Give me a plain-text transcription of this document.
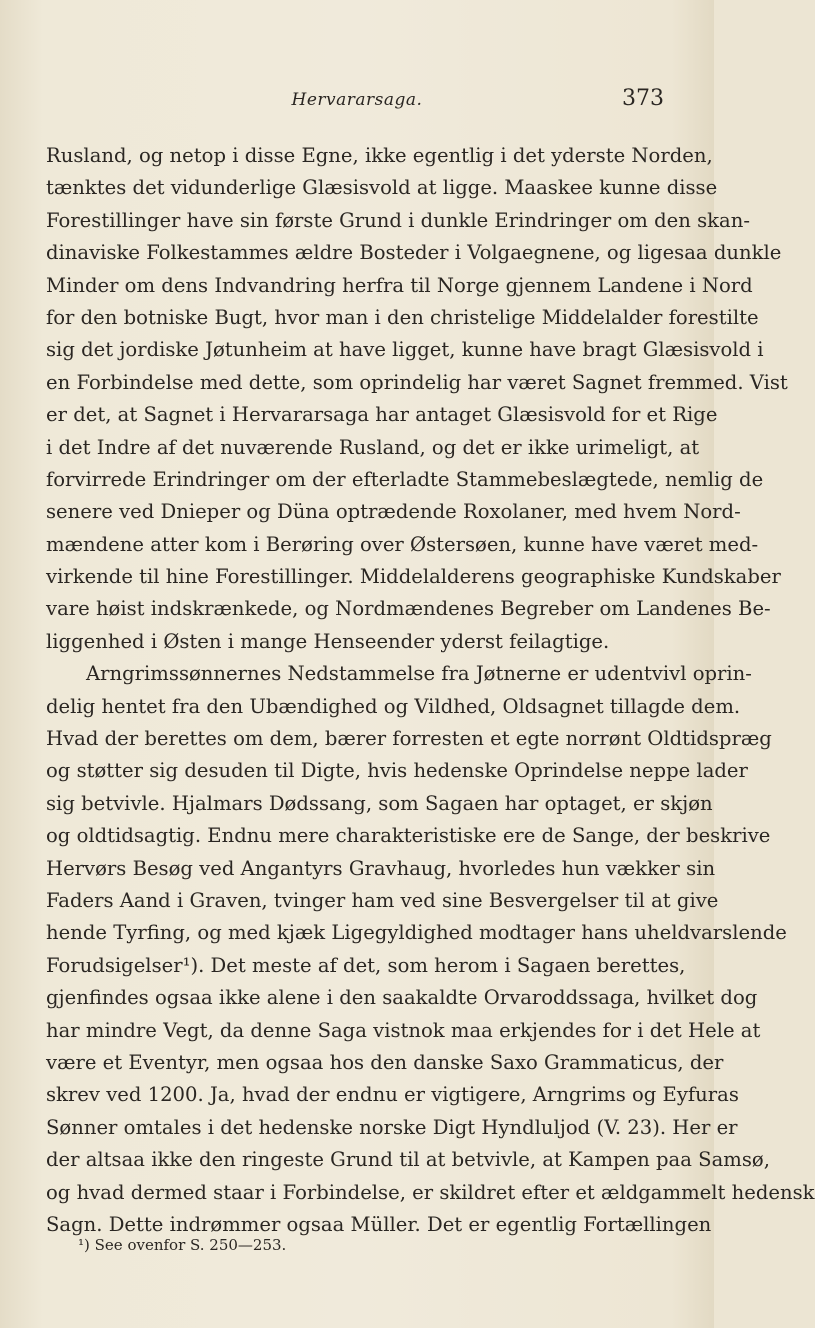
Hervararsaga.	373
Rusland, og netop i disse Egne, ikke egentlig i det yderste Norden,
tænktes det vidunderlige Glæsisvold at ligge. Maaskee kunne disse
Forestillinger have sin første Grund i dunkle Erindringer om den skan-
dinaviske Folkestammes ældre Bosteder i Volgaegnene, og ligesaa dunkle
Minder om dens Indvandring herfra til Norge gjennem Landene i Nord
for den botniske Bugt, hvor man i den christelige Middelalder forestilte
sig det jordiske Jøtunheim at have ligget, kunne have bragt Glæsisvold i
en Forbindelse med dette, som oprindelig har været Sagnet fremmed. Vist
er det, at Sagnet i Hervararsaga har antaget Glæsisvold for et Rige
i det Indre af det nuværende Rusland, og det er ikke urimeligt, at
forvirrede Erindringer om der efterladte Stammebeslægtede, nemlig de
senere ved Dnieper og Düna optrædende Roxolaner, med hvem Nord-
mændene atter kom i Berøring over Østersøen, kunne have været med-
virkende til hine Forestillinger. Middelalderens geographiske Kundskaber
vare høist indskrænkede, og Nordmændenes Begreber om Landenes Be-
liggenhed i Østen i mange Henseender yderst feilagtige.
Arngrimssønnernes Nedstammelse fra Jøtnerne er udentvivl oprin-
delig hentet fra den Ubændighed og Vildhed, Oldsagnet tillagde dem.
Hvad der berettes om dem, bærer forresten et egte norrønt Oldtidspræg
og støtter sig desuden til Digte, hvis hedenske Oprindelse neppe lader
sig betvivle. Hjalmars Dødssang, som Sagaen har optaget, er skjøn
og oldtidsagtig. Endnu mere charakteristiske ere de Sange, der beskrive
Hervørs Besøg ved Angantyrs Gravhaug, hvorledes hun vækker sin
Faders Aand i Graven, tvinger ham ved sine Besvergelser til at give
hende Tyrfing, og med kjæk Ligegyldighed modtager hans uheldvarslende
Forudsigelser¹). Det meste af det, som herom i Sagaen berettes,
gjenfindes ogsaa ikke alene i den saakaldte Orvaroddssaga, hvilket dog
har mindre Vegt, da denne Saga vistnok maa erkjendes for i det Hele at
være et Eventyr, men ogsaa hos den danske Saxo Grammaticus, der
skrev ved 1200. Ja, hvad der endnu er vigtigere, Arngrims og Eyfuras
Sønner omtales i det hedenske norske Digt Hyndluljod (V. 23). Her er
der altsaa ikke den ringeste Grund til at betvivle, at Kampen paa Samsø,
og hvad dermed staar i Forbindelse, er skildret efter et ældgammelt hedensk
Sagn. Dette indrømmer ogsaa Müller. Det er egentlig Fortællingen
¹) See ovenfor S. 250—253.
